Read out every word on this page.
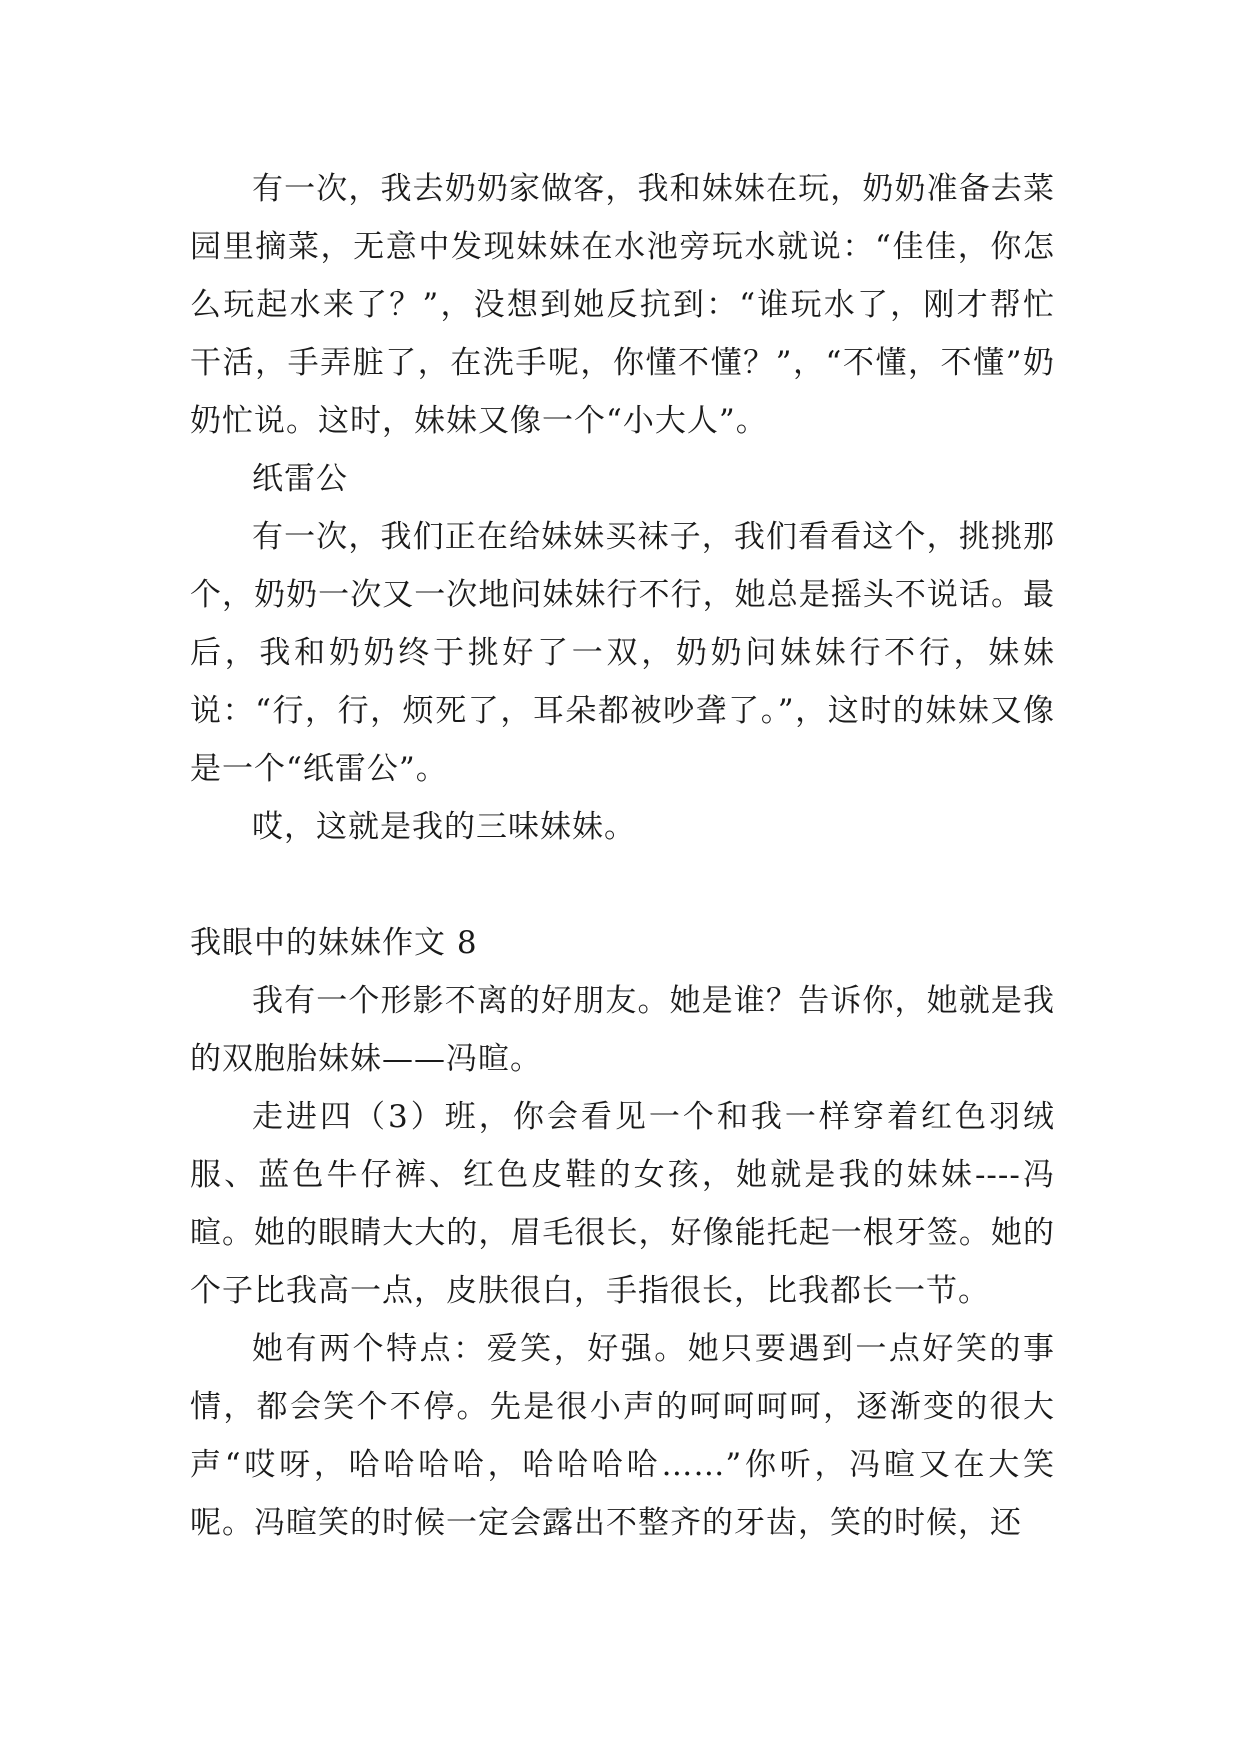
有一次，我去奶奶家做客，我和妹妹在玩，奶奶准备去菜园里摘菜，无意中发现妹妹在水池旁玩水就说：“佳佳，你怎么玩起水来了？”，没想到她反抗到：“谁玩水了，刚才帮忙干活，手弄脏了，在洗手呢，你懂不懂？”，“不懂，不懂”奶奶忙说。这时，妹妹又像一个“小大人”。

纸雷公

有一次，我们正在给妹妹买袜子，我们看看这个，挑挑那个，奶奶一次又一次地问妹妹行不行，她总是摇头不说话。最后，我和奶奶终于挑好了一双，奶奶问妹妹行不行，妹妹说：“行，行，烦死了，耳朵都被吵聋了。”，这时的妹妹又像是一个“纸雷公”。

哎，这就是我的三味妹妹。

我眼中的妹妹作文 8

我有一个形影不离的好朋友。她是谁？告诉你，她就是我的双胞胎妹妹——冯暄。

走进四（3）班，你会看见一个和我一样穿着红色羽绒服、蓝色牛仔裤、红色皮鞋的女孩，她就是我的妹妹----冯暄。她的眼睛大大的，眉毛很长，好像能托起一根牙签。她的个子比我高一点，皮肤很白，手指很长，比我都长一节。

她有两个特点：爱笑，好强。她只要遇到一点好笑的事情，都会笑个不停。先是很小声的呵呵呵呵，逐渐变的很大声“哎呀，哈哈哈哈，哈哈哈哈……”你听，冯暄又在大笑呢。冯暄笑的时候一定会露出不整齐的牙齿，笑的时候，还
